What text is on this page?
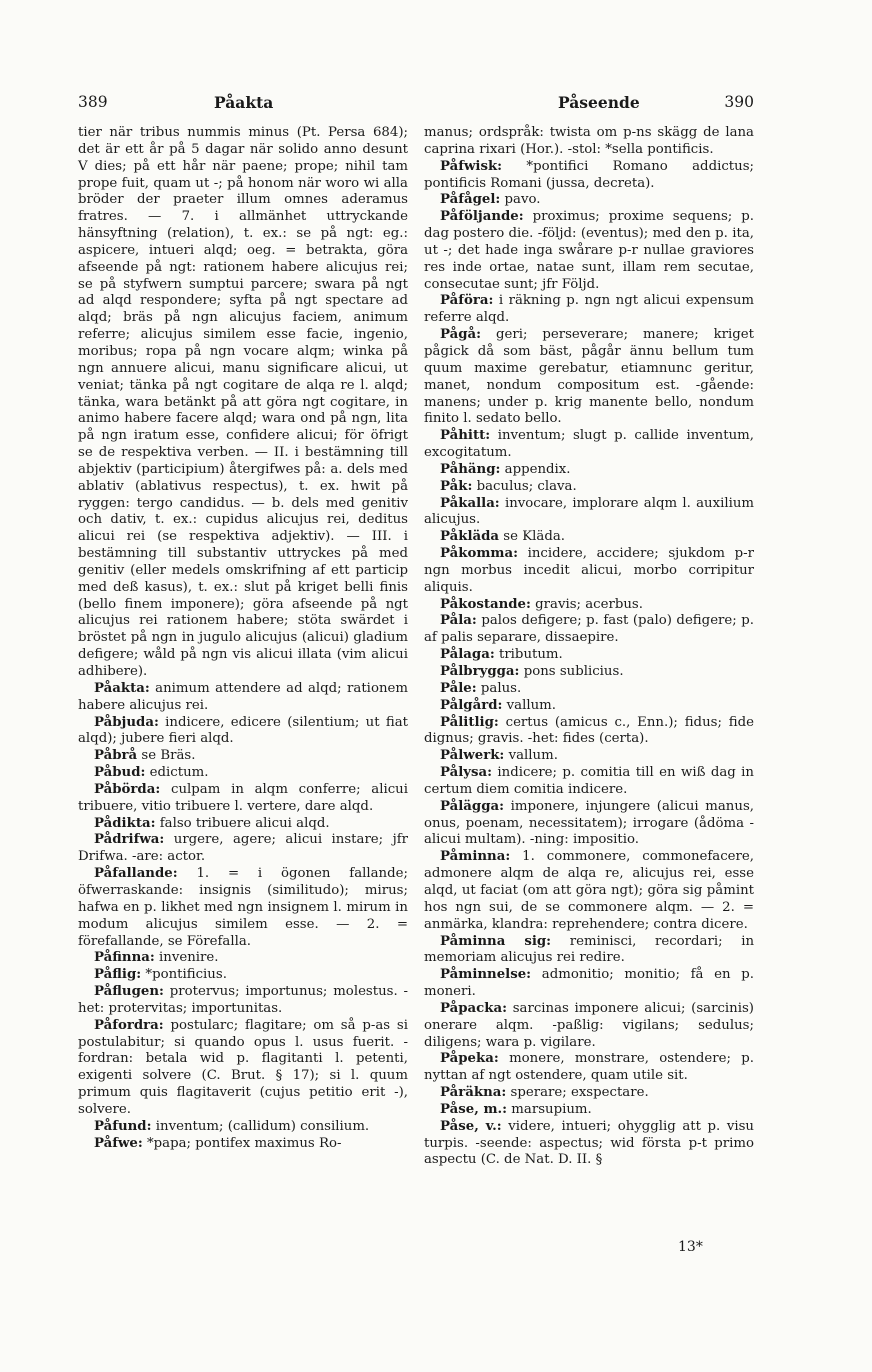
389	Påakta	Påseende	390

tier när tribus nummis minus (Pt. Persa 684); det är ett år på 5 dagar när solido anno desunt V dies; på ett hår när paene; prope; nihil tam prope fuit, quam ut -; på honom när woro wi alla bröder der praeter illum omnes aderamus fratres. — 7. i allmänhet uttryckande hänsyftning (relation), t. ex.: se på ngt: eg.: aspicere, intueri alqd; oeg. = betrakta, göra afseende på ngt: rationem habere alicujus rei; se på styfwern sumptui parcere; swara på ngt ad alqd respondere; syfta på ngt spectare ad alqd; bräs på ngn alicujus faciem, animum referre; alicujus similem esse facie, ingenio, moribus; ropa på ngn vocare alqm; winka på ngn annuere alicui, manu significare alicui, ut veniat; tänka på ngt cogitare de alqa re l. alqd; tänka, wara betänkt på att göra ngt cogitare, in animo habere facere alqd; wara ond på ngn, lita på ngn iratum esse, confidere alicui; för öfrigt se de respektiva verben. — II. i bestämning till abjektiv (participium) återgifwes på: a. dels med ablativ (ablativus respectus), t. ex. hwit på ryggen: tergo candidus. — b. dels med genitiv och dativ, t. ex.: cupidus alicujus rei, deditus alicui rei (se respektiva adjektiv). — III. i bestämning till substantiv uttryckes på med genitiv (eller medels omskrifning af ett particip med deß kasus), t. ex.: slut på kriget belli finis (bello finem imponere); göra afseende på ngt alicujus rei rationem habere; stöta swärdet i bröstet på ngn in jugulo alicujus (alicui) gladium defigere; wåld på ngn vis alicui illata (vim alicui adhibere).

Påakta: animum attendere ad alqd; rationem habere alicujus rei.

Påbjuda: indicere, edicere (silentium; ut fiat alqd); jubere fieri alqd.

Påbrå se Bräs.

Påbud: edictum.

Påbörda: culpam in alqm conferre; alicui tribuere, vitio tribuere l. vertere, dare alqd.

Pådikta: falso tribuere alicui alqd.

Pådrifwa: urgere, agere; alicui instare; jfr Drifwa. -are: actor.

Påfallande: 1. = i ögonen fallande; öfwerraskande: insignis (similitudo); mirus; hafwa en p. likhet med ngn insignem l. mirum in modum alicujus similem esse. — 2. = förefallande, se Förefalla.

Påfinna: invenire.

Påflig: *pontificius.

Påflugen: protervus; importunus; molestus. -het: protervitas; importunitas.

Påfordra: postularc; flagitare; om så p-as si postulabitur; si quando opus l. usus fuerit. -fordran: betala wid p. flagitanti l. petenti, exigenti solvere (C. Brut. § 17); si l. quum primum quis flagitaverit (cujus petitio erit -), solvere.

Påfund: inventum; (callidum) consilium.

Påfwe: *papa; pontifex maximus Ro-

manus; ordspråk: twista om p-ns skägg de lana caprina rixari (Hor.). -stol: *sella pontificis.

Påfwisk: *pontifici Romano addictus; pontificis Romani (jussa, decreta).

Påfågel: pavo.

Påföljande: proximus; proxime sequens; p. dag postero die. -följd: (eventus); med den p. ita, ut -; det hade inga swårare p-r nullae graviores res inde ortae, natae sunt, illam rem secutae, consecutae sunt; jfr Följd.

Påföra: i räkning p. ngn ngt alicui expensum referre alqd.

Pågå: geri; perseverare; manere; kriget pågick då som bäst, pågår ännu bellum tum quum maxime gerebatur, etiamnunc geritur, manet, nondum compositum est. -gående: manens; under p. krig manente bello, nondum finito l. sedato bello.

Påhitt: inventum; slugt p. callide inventum, excogitatum.

Påhäng: appendix.

Påk: baculus; clava.

Påkalla: invocare, implorare alqm l. auxilium alicujus.

Påkläda se Kläda.

Påkomma: incidere, accidere; sjukdom p-r ngn morbus incedit alicui, morbo corripitur aliquis.

Påkostande: gravis; acerbus.

Påla: palos defigere; p. fast (palo) defigere; p. af palis separare, dissaepire.

Pålaga: tributum.

Pålbrygga: pons sublicius.

Påle: palus.

Pålgård: vallum.

Pålitlig: certus (amicus c., Enn.); fidus; fide dignus; gravis. -het: fides (certa).

Pålwerk: vallum.

Pålysa: indicere; p. comitia till en wiß dag in certum diem comitia indicere.

Pålägga: imponere, injungere (alicui manus, onus, poenam, necessitatem); irrogare (ådöma - alicui multam). -ning: impositio.

Påminna: 1. commonere, commonefacere, admonere alqm de alqa re, alicujus rei, esse alqd, ut faciat (om att göra ngt); göra sig påmint hos ngn sui, de se commonere alqm. — 2. = anmärka, klandra: reprehendere; contra dicere.

Påminna sig: reminisci, recordari; in memoriam alicujus rei redire.

Påminnelse: admonitio; monitio; få en p. moneri.

Påpacka: sarcinas imponere alicui; (sarcinis) onerare alqm. -paßlig: vigilans; sedulus; diligens; wara p. vigilare.

Påpeka: monere, monstrare, ostendere; p. nyttan af ngt ostendere, quam utile sit.

Påräkna: sperare; exspectare.

Påse, m.: marsupium.

Påse, v.: videre, intueri; ohygglig att p. visu turpis. -seende: aspectus; wid första p-t primo aspectu (C. de Nat. D. II. §

13*
